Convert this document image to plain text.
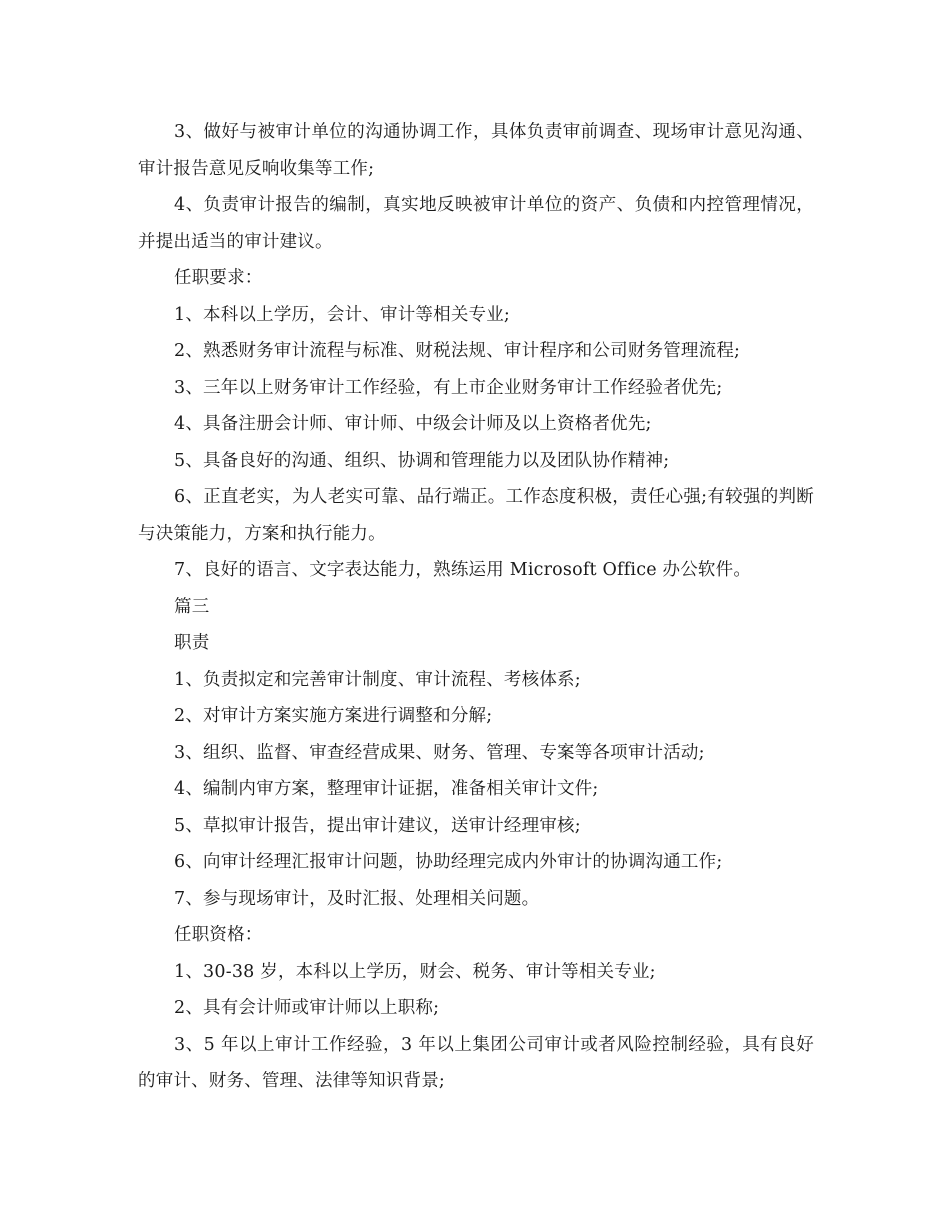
3、做好与被审计单位的沟通协调工作，具体负责审前调查、现场审计意见沟通、审计报告意见反响收集等工作;

4、负责审计报告的编制，真实地反映被审计单位的资产、负债和内控管理情况，并提出适当的审计建议。

任职要求：

1、本科以上学历，会计、审计等相关专业;

2、熟悉财务审计流程与标准、财税法规、审计程序和公司财务管理流程;

3、三年以上财务审计工作经验，有上市企业财务审计工作经验者优先;

4、具备注册会计师、审计师、中级会计师及以上资格者优先;

5、具备良好的沟通、组织、协调和管理能力以及团队协作精神;

6、正直老实，为人老实可靠、品行端正。工作态度积极，责任心强;有较强的判断与决策能力，方案和执行能力。

7、良好的语言、文字表达能力，熟练运用 Microsoft Office 办公软件。

篇三

职责

1、负责拟定和完善审计制度、审计流程、考核体系;

2、对审计方案实施方案进行调整和分解;

3、组织、监督、审查经营成果、财务、管理、专案等各项审计活动;

4、编制内审方案，整理审计证据，准备相关审计文件;

5、草拟审计报告，提出审计建议，送审计经理审核;

6、向审计经理汇报审计问题，协助经理完成内外审计的协调沟通工作;

7、参与现场审计，及时汇报、处理相关问题。

任职资格：

1、30-38 岁，本科以上学历，财会、税务、审计等相关专业;

2、具有会计师或审计师以上职称;

3、5 年以上审计工作经验，3 年以上集团公司审计或者风险控制经验，具有良好的审计、财务、管理、法律等知识背景;
